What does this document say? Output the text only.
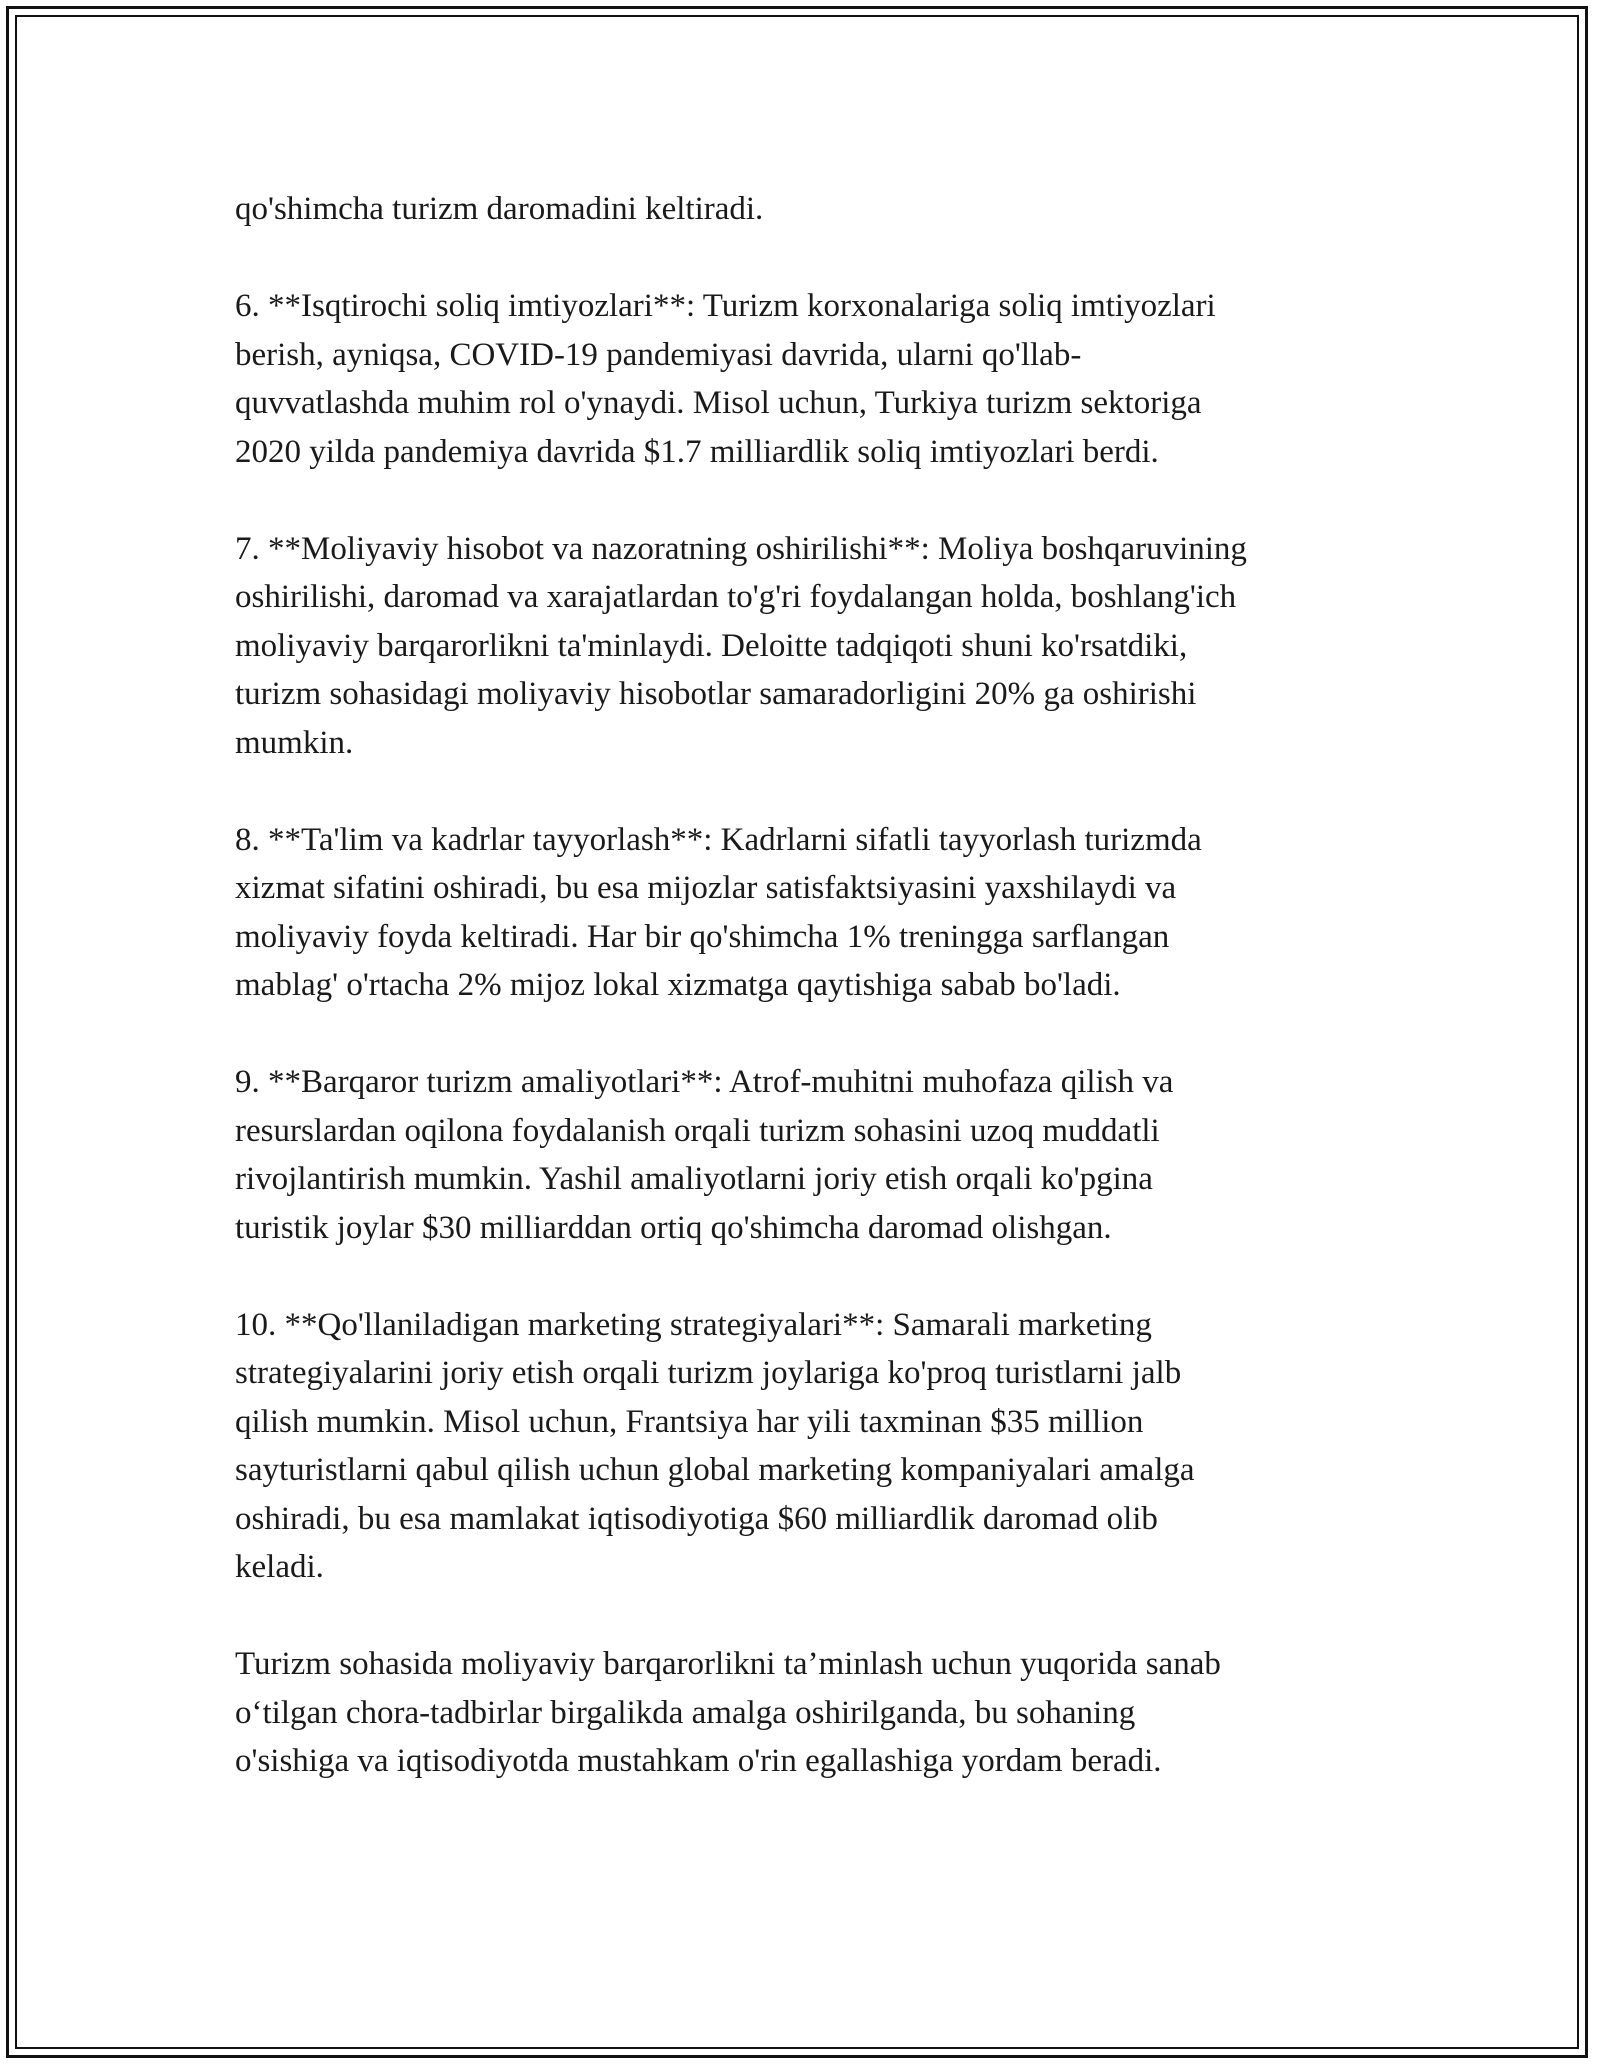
qo'shimcha turizm daromadini keltiradi.

6. **Isqtirochi soliq imtiyozlari**: Turizm korxonalariga soliq imtiyozlari
berish, ayniqsa, COVID-19 pandemiyasi davrida, ularni qo'llab-
quvvatlashda muhim rol o'ynaydi. Misol uchun, Turkiya turizm sektoriga
2020 yilda pandemiya davrida $1.7 milliardlik soliq imtiyozlari berdi.

7. **Moliyaviy hisobot va nazoratning oshirilishi**: Moliya boshqaruvining
oshirilishi, daromad va xarajatlardan to'g'ri foydalangan holda, boshlang'ich
moliyaviy barqarorlikni ta'minlaydi. Deloitte tadqiqoti shuni ko'rsatdiki,
turizm sohasidagi moliyaviy hisobotlar samaradorligini 20% ga oshirishi
mumkin.

8. **Ta'lim va kadrlar tayyorlash**: Kadrlarni sifatli tayyorlash turizmda
xizmat sifatini oshiradi, bu esa mijozlar satisfaktsiyasini yaxshilaydi va
moliyaviy foyda keltiradi. Har bir qo'shimcha 1% treningga sarflangan
mablag' o'rtacha 2% mijoz lokal xizmatga qaytishiga sabab bo'ladi.

9. **Barqaror turizm amaliyotlari**: Atrof-muhitni muhofaza qilish va
resurslardan oqilona foydalanish orqali turizm sohasini uzoq muddatli
rivojlantirish mumkin. Yashil amaliyotlarni joriy etish orqali ko'pgina
turistik joylar $30 milliarddan ortiq qo'shimcha daromad olishgan.

10. **Qo'llaniladigan marketing strategiyalari**: Samarali marketing
strategiyalarini joriy etish orqali turizm joylariga ko'proq turistlarni jalb
qilish mumkin. Misol uchun, Frantsiya har yili taxminan $35 million
sayturistlarni qabul qilish uchun global marketing kompaniyalari amalga
oshiradi, bu esa mamlakat iqtisodiyotiga $60 milliardlik daromad olib
keladi.

Turizm sohasida moliyaviy barqarorlikni ta’minlash uchun yuqorida sanab
o‘tilgan chora-tadbirlar birgalikda amalga oshirilganda, bu sohaning
o'sishiga va iqtisodiyotda mustahkam o'rin egallashiga yordam beradi.
